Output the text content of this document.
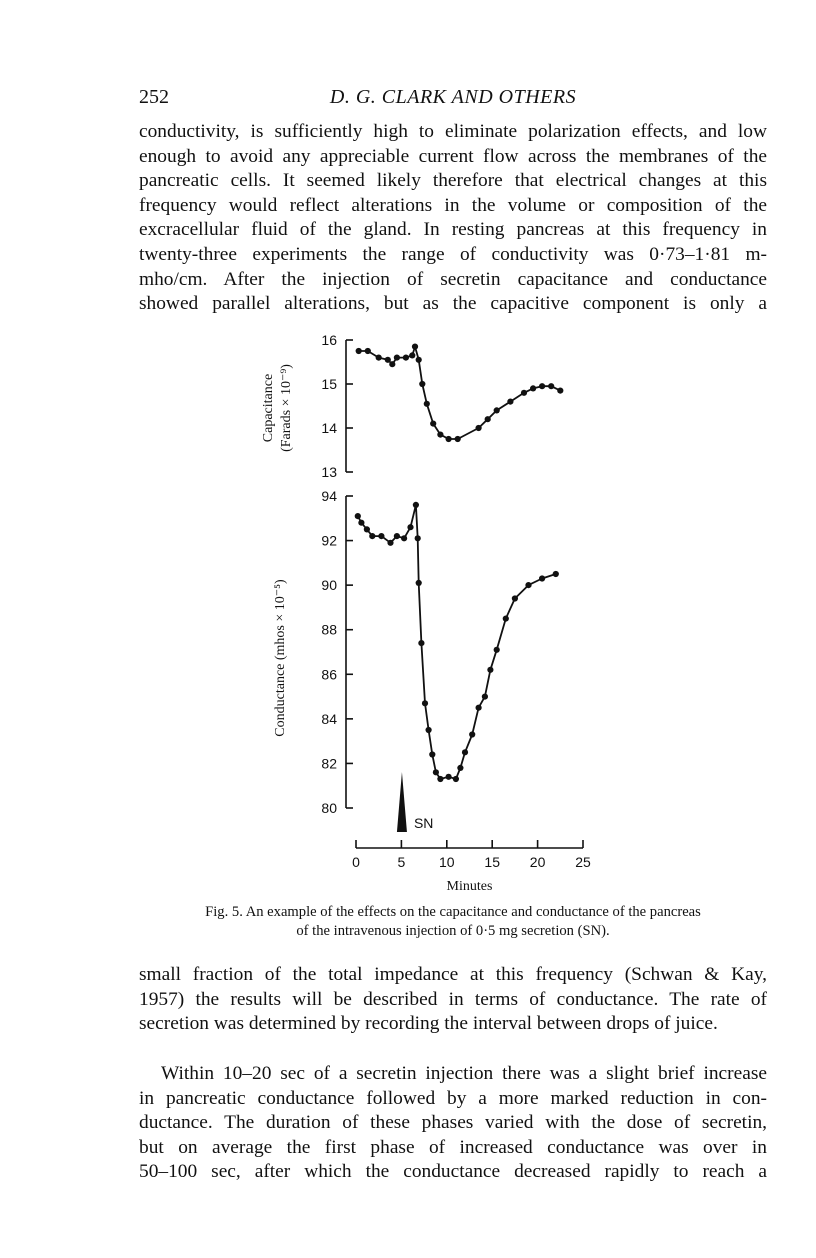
252	D. G. CLARK AND OTHERS

conductivity, is sufficiently high to eliminate polarization effects, and low
enough to avoid any appreciable current flow across the membranes of the
pancreatic cells. It seemed likely therefore that electrical changes at this
frequency would reflect alterations in the volume or composition of the
excracellular fluid of the gland. In resting pancreas at this frequency in
twenty-three experiments the range of conductivity was 0·73–1·81 m-
mho/cm. After the injection of secretin capacitance and conductance
showed parallel alterations, but as the capacitive component is only a

13
14
15
16
Capacitance (Farads × 10⁻⁹)
80
82
84
86
88
90
92
94
Conductance (mhos × 10⁻⁵)
SN
0	5 10 15 20 25
Minutes
Fig. 5. An example of the effects on the capacitance and conductance of the pancreas
of the intravenous injection of 0·5 mg secretion (SN).

small fraction of the total impedance at this frequency (Schwan & Kay,
1957) the results will be described in terms of conductance. The rate of
secretion was determined by recording the interval between drops of juice.

Within 10–20 sec of a secretin injection there was a slight brief increase
in pancreatic conductance followed by a more marked reduction in con-
ductance. The duration of these phases varied with the dose of secretin,
but on average the first phase of increased conductance was over in
50–100 sec, after which the conductance decreased rapidly to reach a
